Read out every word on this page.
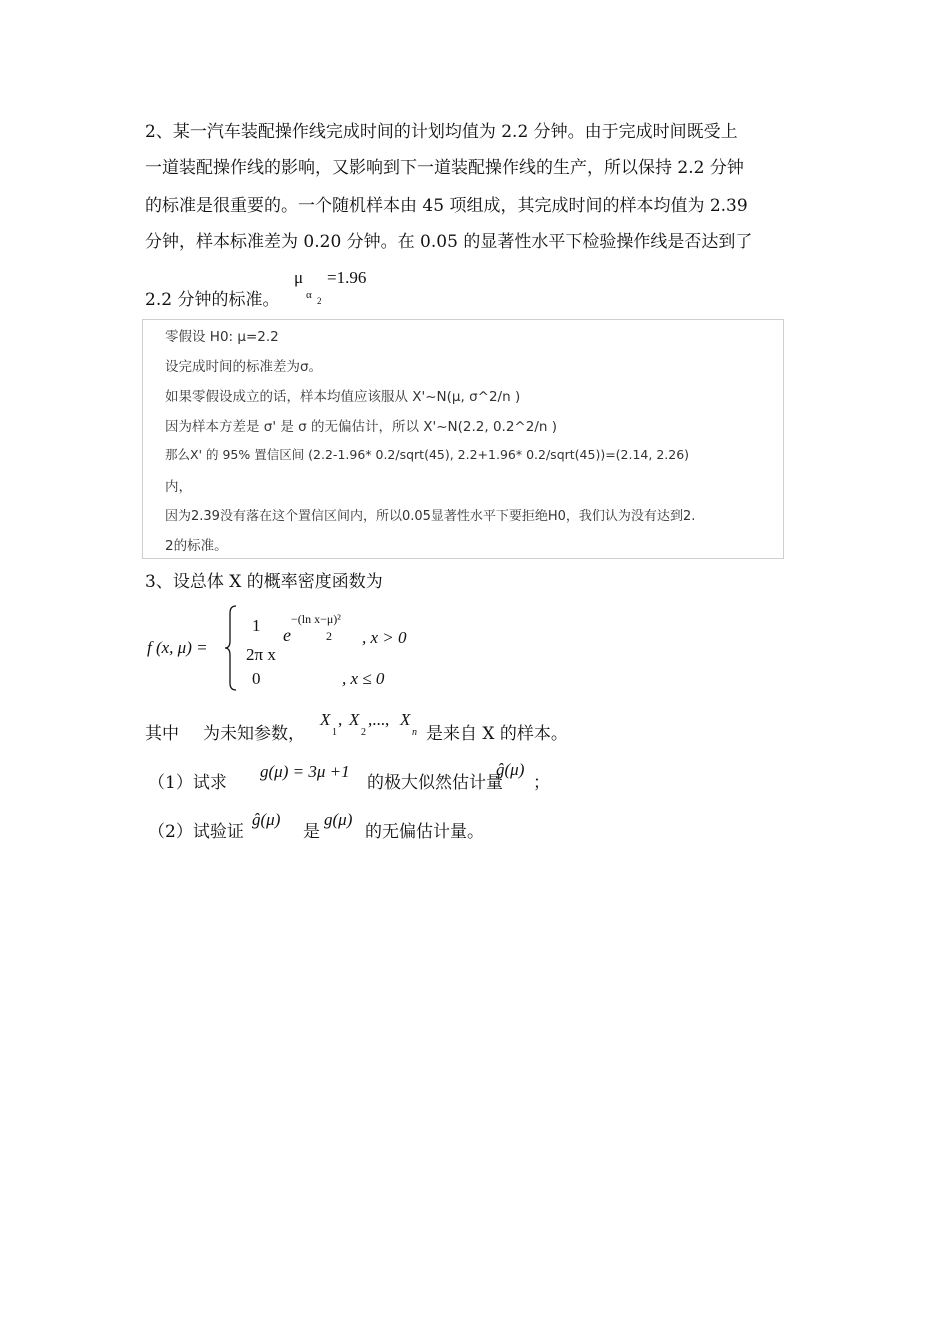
2、某一汽车装配操作线完成时间的计划均值为 2.2 分钟。由于完成时间既受上
一道装配操作线的影响，又影响到下一道装配操作线的生产，所以保持 2.2 分钟
的标准是很重要的。一个随机样本由 45 项组成，其完成时间的样本均值为 2.39
分钟，样本标准差为 0.20 分钟。在 0.05 的显著性水平下检验操作线是否达到了
2.2 分钟的标准。
μ
α 2
=1.96
零假设 H0: μ=2.2
设完成时间的标准差为σ。
如果零假设成立的话，样本均值应该服从 X'~N(μ, σ^2/n )
因为样本方差是 σ' 是 σ 的无偏估计，所以 X'~N(2.2, 0.2^2/n )
那么X' 的 95% 置信区间 (2.2-1.96* 0.2/sqrt(45), 2.2+1.96* 0.2/sqrt(45))=(2.14, 2.26)
内，
因为2.39没有落在这个置信区间内，所以0.05显著性水平下要拒绝H0，我们认为没有达到2.
2的标准。
3、设总体 X 的概率密度函数为
f (x, μ) =
1
2π x
e
−(ln x−μ)²
2 , x > 0
0	, x ≤ 0
其中	为未知参数，
X
1
, X
2
,..., X
n 是来自 X 的样本。
（1）试求
g(μ) = 3μ +1
的极大似然估计量
ĝ(μ)
；
（2）试验证
ĝ(μ)
是
g(μ)
的无偏估计量。
